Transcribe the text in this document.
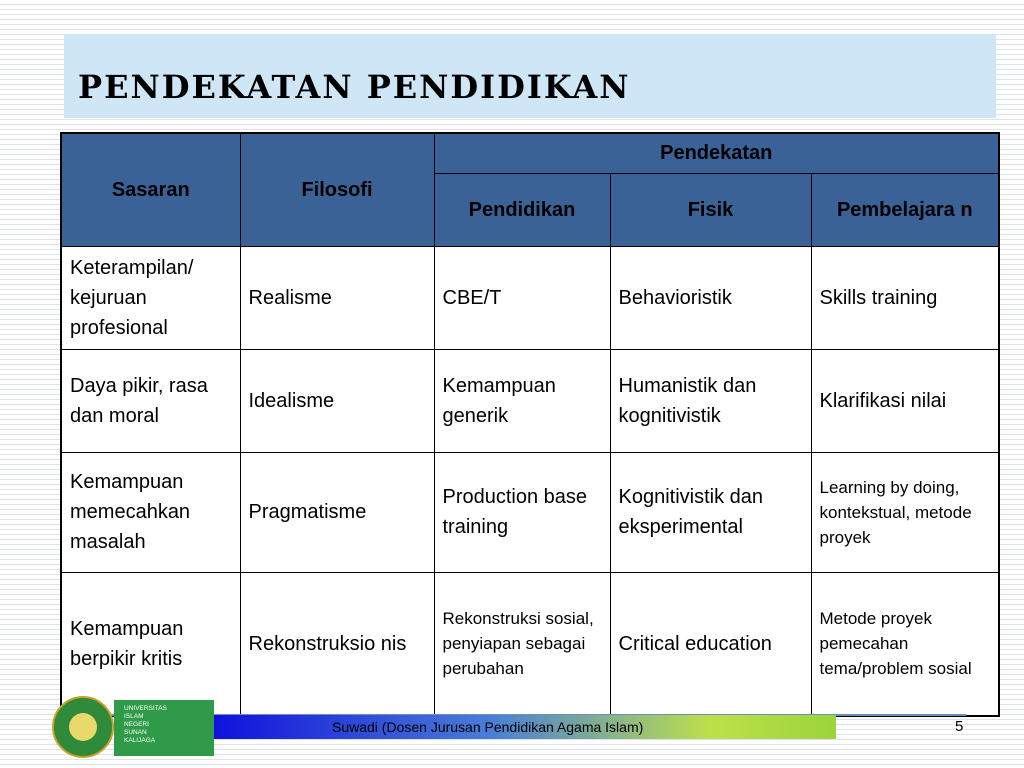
PENDEKATAN PENDIDIKAN
Sasaran	Filosofi	Pendekatan		
		Pendidikan	Fisik	Pembelajara n
Keterampilan/ kejuruan profesional	Realisme	CBE/T	Behavioristik	Skills training
Daya pikir, rasa dan moral	Idealisme	Kemampuan generik	Humanistik dan kognitivistik	Klarifikasi nilai
Kemampuan memecahkan masalah	Pragmatisme	Production base training	Kognitivistik dan eksperimental	Learning by doing, kontekstual, metode proyek
Kemampuan berpikir kritis	Rekonstruksio nis	Rekonstruksi sosial, penyiapan sebagai perubahan	Critical education	Metode proyek pemecahan tema/problem sosial
Suwadi (Dosen Jurusan Pendidikan Agama Islam)
UNIVERSITAS
ISLAM
NEGERI
SUNAN
KALIJAGA
5
